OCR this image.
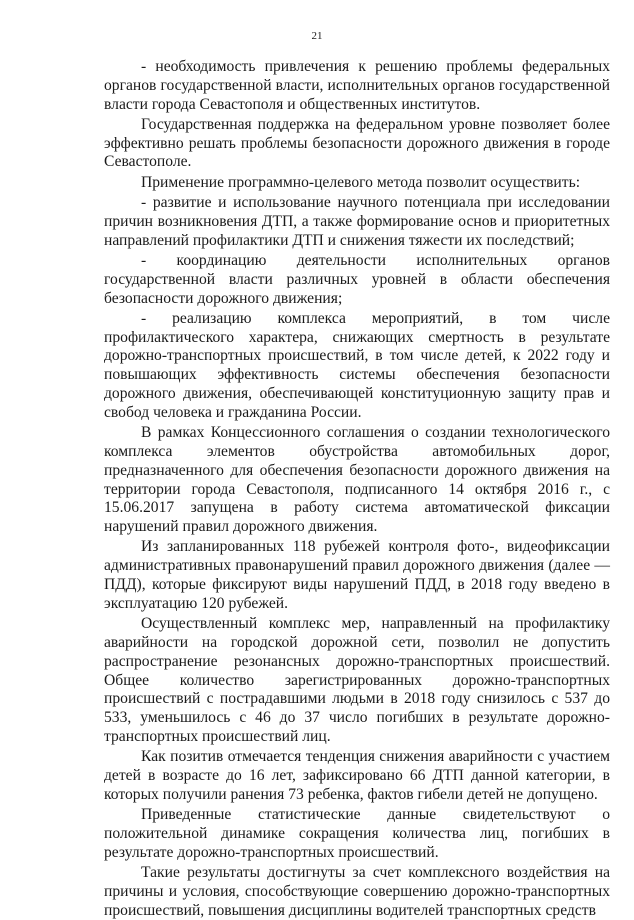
21

- необходимость привлечения к решению проблемы федеральных органов государственной власти, исполнительных органов государственной власти города Севастополя и общественных институтов.

Государственная поддержка на федеральном уровне позволяет более эффективно решать проблемы безопасности дорожного движения в городе Севастополе.

Применение программно-целевого метода позволит осуществить:

- развитие и использование научного потенциала при исследовании причин возникновения ДТП, а также формирование основ и приоритетных направлений профилактики ДТП и снижения тяжести их последствий;

- координацию деятельности исполнительных органов государственной власти различных уровней в области обеспечения безопасности дорожного движения;

- реализацию комплекса мероприятий, в том числе профилактического характера, снижающих смертность в результате дорожно-транспортных происшествий, в том числе детей, к 2022 году и повышающих эффективность системы обеспечения безопасности дорожного движения, обеспечивающей конституционную защиту прав и свобод человека и гражданина России.

В рамках Концессионного соглашения о создании технологического комплекса элементов обустройства автомобильных дорог, предназначенного для обеспечения безопасности дорожного движения на территории города Севастополя, подписанного 14 октября 2016 г., с 15.06.2017 запущена в работу система автоматической фиксации нарушений правил дорожного движения.

Из запланированных 118 рубежей контроля фото-, видеофиксации административных правонарушений правил дорожного движения (далее — ПДД), которые фиксируют виды нарушений ПДД, в 2018 году введено в эксплуатацию 120 рубежей.

Осуществленный комплекс мер, направленный на профилактику аварийности на городской дорожной сети, позволил не допустить распространение резонансных дорожно-транспортных происшествий. Общее количество зарегистрированных дорожно-транспортных происшествий с пострадавшими людьми в 2018 году снизилось с 537 до 533, уменьшилось с 46 до 37 число погибших в результате дорожно-транспортных происшествий лиц.

Как позитив отмечается тенденция снижения аварийности с участием детей в возрасте до 16 лет, зафиксировано 66 ДТП данной категории, в которых получили ранения 73 ребенка, фактов гибели детей не допущено.

Приведенные статистические данные свидетельствуют о положительной динамике сокращения количества лиц, погибших в результате дорожно-транспортных происшествий.

Такие результаты достигнуты за счет комплексного воздействия на причины и условия, способствующие совершению дорожно-транспортных происшествий, повышения дисциплины водителей транспортных средств
